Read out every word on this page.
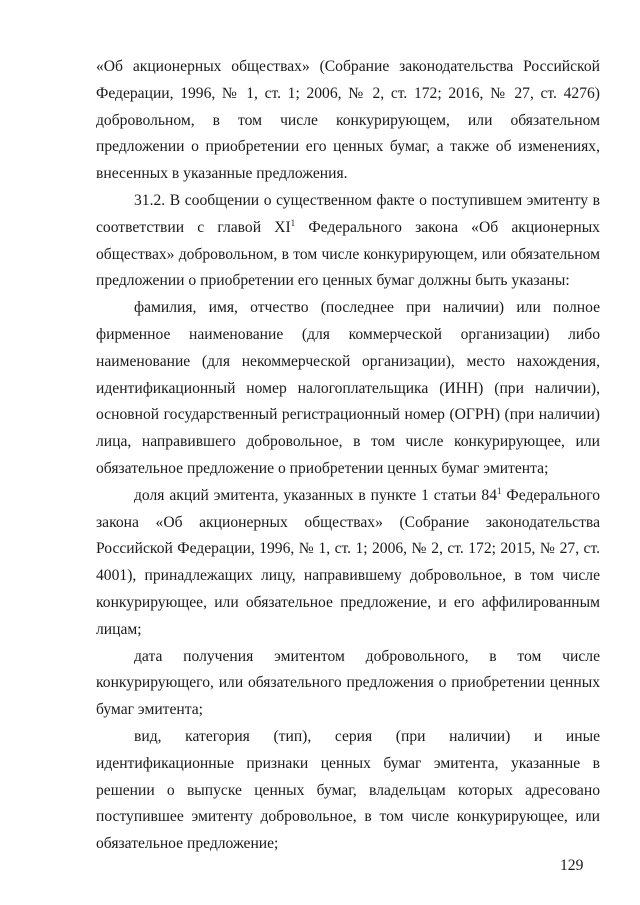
«Об акционерных обществах» (Собрание законодательства Российской Федерации, 1996, № 1, ст. 1; 2006, № 2, ст. 172; 2016, № 27, ст. 4276) добровольном, в том числе конкурирующем, или обязательном предложении о приобретении его ценных бумаг, а также об изменениях, внесенных в указанные предложения.

31.2. В сообщении о существенном факте о поступившем эмитенту в соответствии с главой $XI^1$ Федерального закона «Об акционерных обществах» добровольном, в том числе конкурирующем, или обязательном предложении о приобретении его ценных бумаг должны быть указаны:

фамилия, имя, отчество (последнее при наличии) или полное фирменное наименование (для коммерческой организации) либо наименование (для некоммерческой организации), место нахождения, идентификационный номер налогоплательщика (ИНН) (при наличии), основной государственный регистрационный номер (ОГРН) (при наличии) лица, направившего добровольное, в том числе конкурирующее, или обязательное предложение о приобретении ценных бумаг эмитента;

доля акций эмитента, указанных в пункте 1 статьи $84^1$ Федерального закона «Об акционерных обществах» (Собрание законодательства Российской Федерации, 1996, № 1, ст. 1; 2006, № 2, ст. 172; 2015, № 27, ст. 4001), принадлежащих лицу, направившему добровольное, в том числе конкурирующее, или обязательное предложение, и его аффилированным лицам;

дата получения эмитентом добровольного, в том числе конкурирующего, или обязательного предложения о приобретении ценных бумаг эмитента;

вид, категория (тип), серия (при наличии) и иные идентификационные признаки ценных бумаг эмитента, указанные в решении о выпуске ценных бумаг, владельцам которых адресовано поступившее эмитенту добровольное, в том числе конкурирующее, или обязательное предложение;

129
